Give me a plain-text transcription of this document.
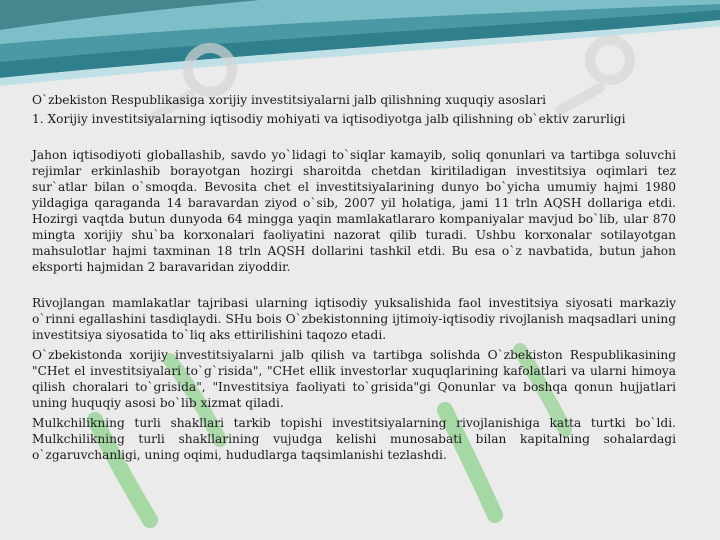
O`zbekiston Respublikasiga xorijiy investitsiyalarni jalb qilishning xuquqiy asoslari

1. Xorijiy investitsiyalarning iqtisodiy mohiyati va iqtisodiyotga jalb qilishning ob`ektiv zarurligi

Jahon iqtisodiyoti globallashib, savdo yo`lidagi to`siqlar kamayib, soliq qonunlari va tartibga soluvchi rejimlar erkinlashib borayotgan hozirgi sharoitda chetdan kiritiladigan investitsiya oqimlari tez sur`atlar bilan o`smoqda. Bevosita chet el investitsiyalarining dunyo bo`yicha umumiy hajmi 1980 yildagiga qaraganda 14 baravardan ziyod o`sib, 2007 yil holatiga, jami 11 trln AQSH dollariga etdi. Hozirgi vaqtda butun dunyoda 64 mingga yaqin mamlakatlararo kompaniyalar mavjud bo`lib, ular 870 mingta xorijiy shu`ba korxonalari faoliyatini nazorat qilib turadi. Ushbu korxonalar sotilayotgan mahsulotlar hajmi taxminan 18 trln AQSH dollarini tashkil etdi. Bu esa o`z navbatida, butun jahon eksporti hajmidan 2 baravaridan ziyoddir.

Rivojlangan mamlakatlar tajribasi ularning iqtisodiy yuksalishida faol investitsiya siyosati markaziy o`rinni egallashini tasdiqlaydi. SHu bois O`zbekistonning ijtimoiy-iqtisodiy rivojlanish maqsadlari uning investitsiya siyosatida to`liq aks ettirilishini taqozo etadi.

O`zbekistonda xorijiy investitsiyalarni jalb qilish va tartibga solishda O`zbekiston Respublikasining "CHet el investitsiyalari to`g`risida", "CHet ellik investorlar xuquqlarining kafolatlari va ularni himoya qilish choralari to`grisida", "Investitsiya faoliyati to`grisida"gi Qonunlar va boshqa qonun hujjatlari uning huquqiy asosi bo`lib xizmat qiladi.

Mulkchilikning turli shakllari tarkib topishi investitsiyalarning rivojlanishiga katta turtki bo`ldi. Mulkchilikning turli shakllarining vujudga kelishi munosabati bilan kapitalning sohalardagi o`zgaruvchanligi, uning oqimi, hududlarga taqsimlanishi tezlashdi.
